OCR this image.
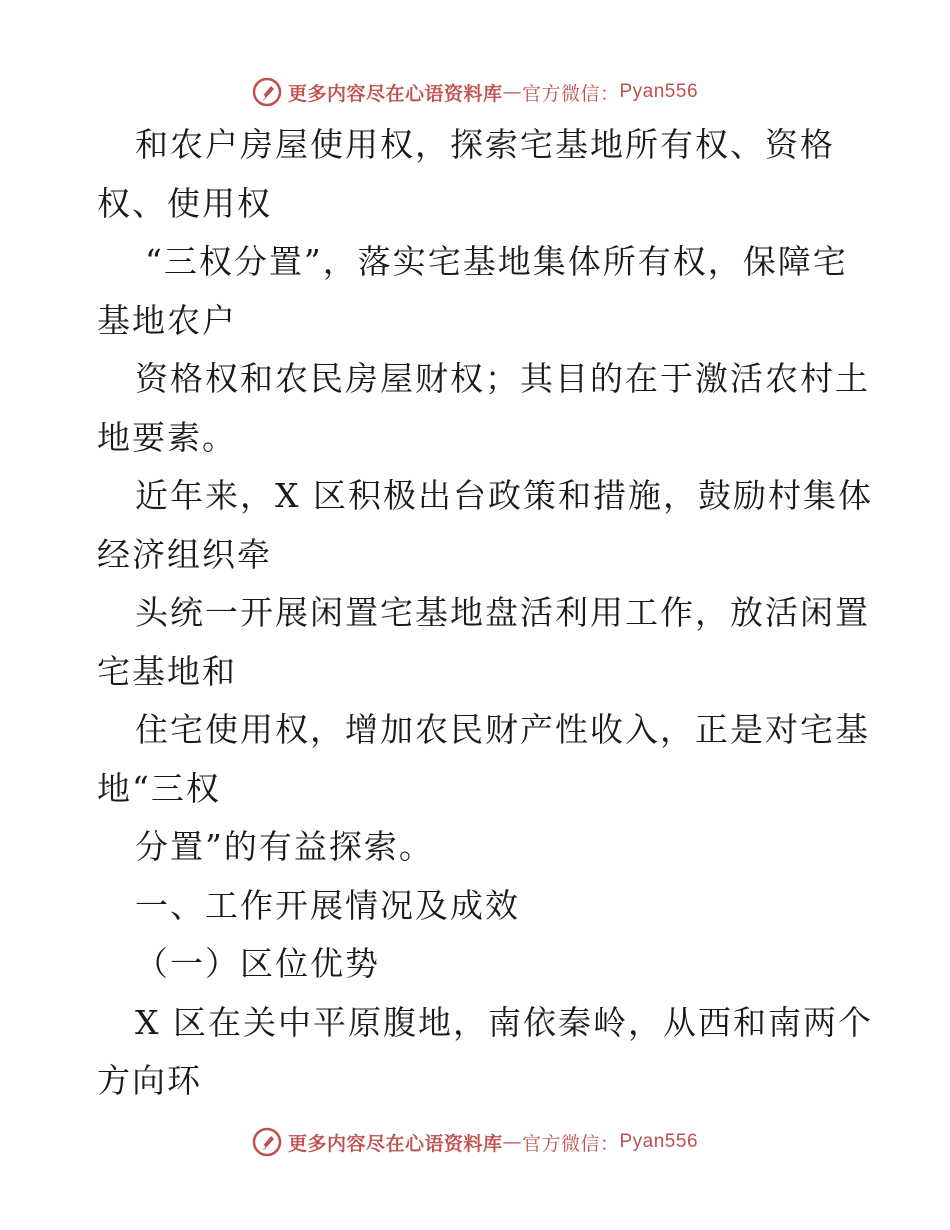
更多内容尽在心语资料库 — 官方微信： Pyan556
和农户房屋使用权，探索宅基地所有权、资格
权、使用权
“三权分置”，落实宅基地集体所有权，保障宅
基地农户
资格权和农民房屋财权；其目的在于激活农村土
地要素。
近年来，X 区积极出台政策和措施，鼓励村集体
经济组织牵
头统一开展闲置宅基地盘活利用工作，放活闲置
宅基地和
住宅使用权，增加农民财产性收入，正是对宅基
地“三权
分置”的有益探索。
一、工作开展情况及成效
（一）区位优势
X 区在关中平原腹地，南依秦岭，从西和南两个
方向环
更多内容尽在心语资料库 — 官方微信： Pyan556
